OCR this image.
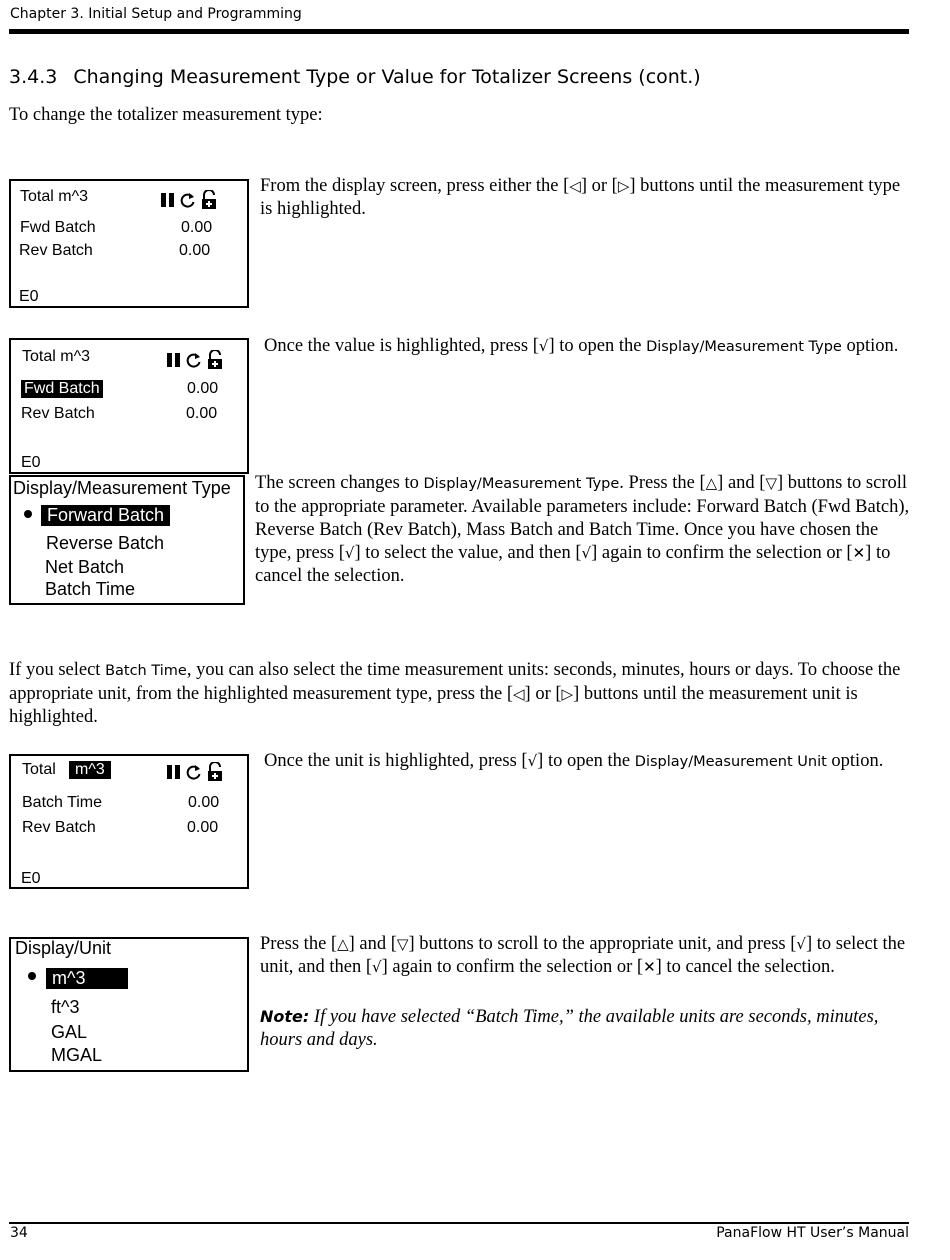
Chapter 3. Initial Setup and Programming
3.4.3 Changing Measurement Type or Value for Totalizer Screens (cont.)
To change the totalizer measurement type:
Total m^3
Fwd Batch	0.00
Rev Batch	0.00
E0
From the display screen, press either the [◁] or [▷] buttons until the measurement type is highlighted.
Total m^3
Fwd Batch	0.00
Rev Batch	0.00
E0
Once the value is highlighted, press [√] to open the Display/Measurement Type option.
Display/Measurement Type
Forward Batch
Reverse Batch
Net Batch
Batch Time
The screen changes to Display/Measurement Type. Press the [△] and [▽] buttons to scroll to the appropriate parameter. Available parameters include: Forward Batch (Fwd Batch), Reverse Batch (Rev Batch), Mass Batch and Batch Time. Once you have chosen the type, press [√] to select the value, and then [√] again to confirm the selection or [✕] to cancel the selection.
If you select Batch Time, you can also select the time measurement units: seconds, minutes, hours or days. To choose the appropriate unit, from the highlighted measurement type, press the [◁] or [▷] buttons until the measurement unit is highlighted.
Total	m^3
Batch Time	0.00
Rev Batch	0.00
E0
Once the unit is highlighted, press [√] to open the Display/Measurement Unit option.
Display/Unit
m^3
ft^3
GAL
MGAL
Press the [△] and [▽] buttons to scroll to the appropriate unit, and press [√] to select the unit, and then [√] again to confirm the selection or [✕] to cancel the selection.
Note: If you have selected “Batch Time,” the available units are seconds, minutes, hours and days.
34	PanaFlow HT User’s Manual
